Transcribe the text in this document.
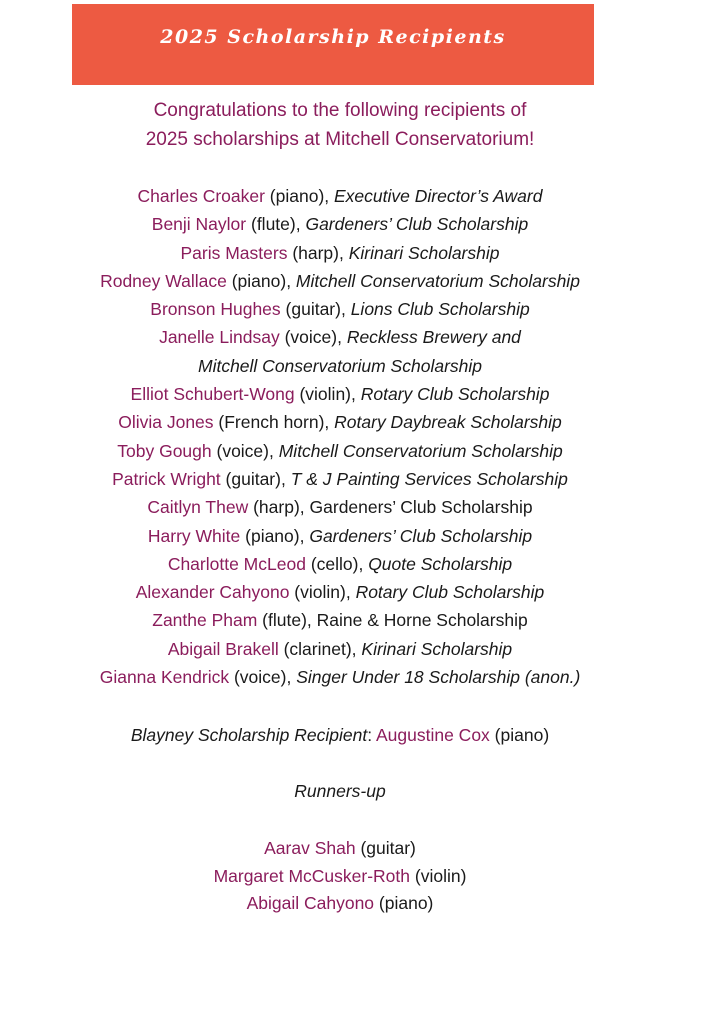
2025 Scholarship Recipients
Congratulations to the following recipients of
2025 scholarships at Mitchell Conservatorium!
Charles Croaker (piano), Executive Director’s Award
Benji Naylor (flute), Gardeners’ Club Scholarship
Paris Masters (harp), Kirinari Scholarship
Rodney Wallace (piano), Mitchell Conservatorium Scholarship
Bronson Hughes (guitar), Lions Club Scholarship
Janelle Lindsay (voice), Reckless Brewery and
Mitchell Conservatorium Scholarship
Elliot Schubert-Wong (violin), Rotary Club Scholarship
Olivia Jones (French horn), Rotary Daybreak Scholarship
Toby Gough (voice), Mitchell Conservatorium Scholarship
Patrick Wright (guitar), T & J Painting Services Scholarship
Caitlyn Thew (harp), Gardeners’ Club Scholarship
Harry White (piano), Gardeners’ Club Scholarship
Charlotte McLeod (cello), Quote Scholarship
Alexander Cahyono (violin), Rotary Club Scholarship
Zanthe Pham (flute), Raine & Horne Scholarship
Abigail Brakell (clarinet), Kirinari Scholarship
Gianna Kendrick (voice), Singer Under 18 Scholarship (anon.)
Blayney Scholarship Recipient: Augustine Cox (piano)
Runners-up
Aarav Shah (guitar)
Margaret McCusker-Roth (violin)
Abigail Cahyono (piano)
